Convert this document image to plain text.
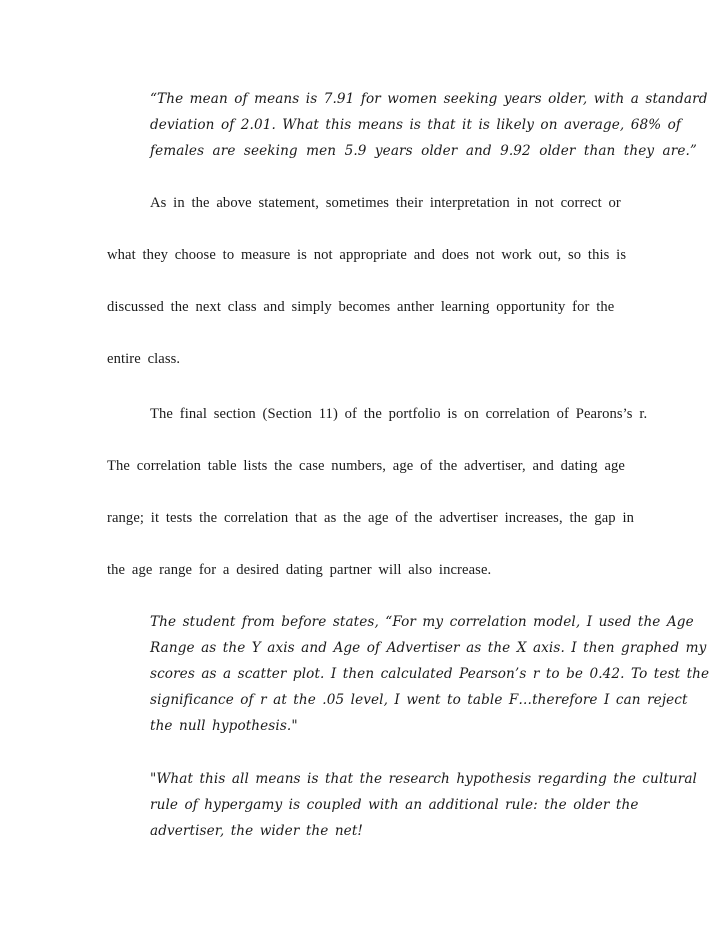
“The mean of means is 7.91 for women seeking years older, with a standard
deviation of 2.01. What this means is that it is likely on average, 68% of
females are seeking men 5.9 years older and 9.92 older than they are.”
As in the above statement, sometimes their interpretation in not correct or
what they choose to measure is not appropriate and does not work out, so this is
discussed the next class and simply becomes anther learning opportunity for the
entire class.
The final section (Section 11) of the portfolio is on correlation of Pearons’s r.
The correlation table lists the case numbers, age of the advertiser, and dating age
range; it tests the correlation that as the age of the advertiser increases, the gap in
the age range for a desired dating partner will also increase.
The student from before states, “For my correlation model, I used the Age
Range as the Y axis and Age of Advertiser as the X axis. I then graphed my
scores as a scatter plot. I then calculated Pearson’s r to be 0.42. To test the
significance of r at the .05 level, I went to table F…therefore I can reject
the null hypothesis."
"What this all means is that the research hypothesis regarding the cultural
rule of hypergamy is coupled with an additional rule: the older the
advertiser, the wider the net!
